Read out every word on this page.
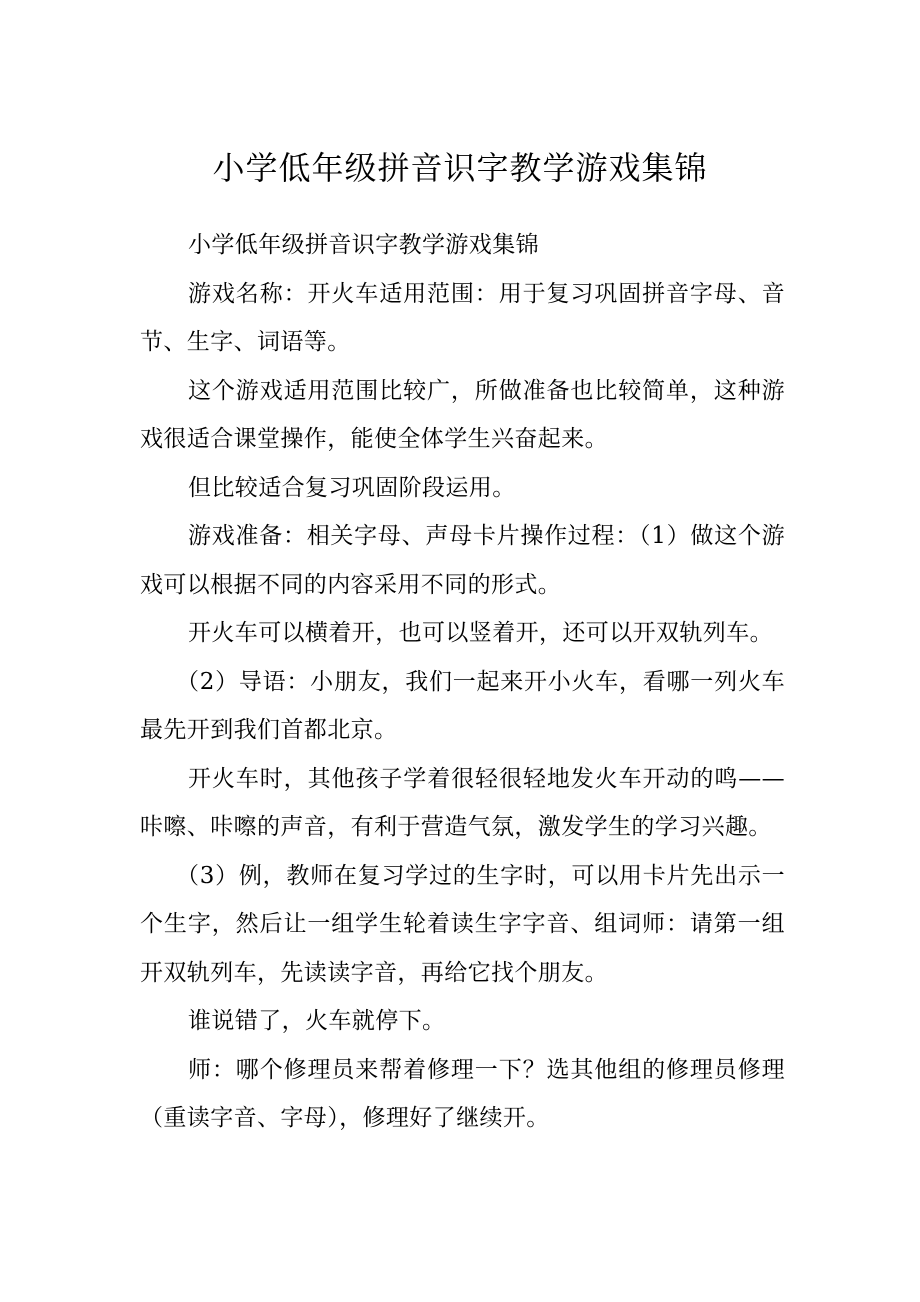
小学低年级拼音识字教学游戏集锦

小学低年级拼音识字教学游戏集锦

游戏名称：开火车适用范围：用于复习巩固拼音字母、音节、生字、词语等。

这个游戏适用范围比较广，所做准备也比较简单，这种游戏很适合课堂操作，能使全体学生兴奋起来。

但比较适合复习巩固阶段运用。

游戏准备：相关字母、声母卡片操作过程：（1）做这个游戏可以根据不同的内容采用不同的形式。

开火车可以横着开，也可以竖着开，还可以开双轨列车。

（2）导语：小朋友，我们一起来开小火车，看哪一列火车最先开到我们首都北京。

开火车时，其他孩子学着很轻很轻地发火车开动的鸣——咔嚓、咔嚓的声音，有利于营造气氛，激发学生的学习兴趣。

（3）例，教师在复习学过的生字时，可以用卡片先出示一个生字，然后让一组学生轮着读生字字音、组词师：请第一组开双轨列车，先读读字音，再给它找个朋友。

谁说错了，火车就停下。

师：哪个修理员来帮着修理一下？选其他组的修理员修理（重读字音、字母），修理好了继续开。
